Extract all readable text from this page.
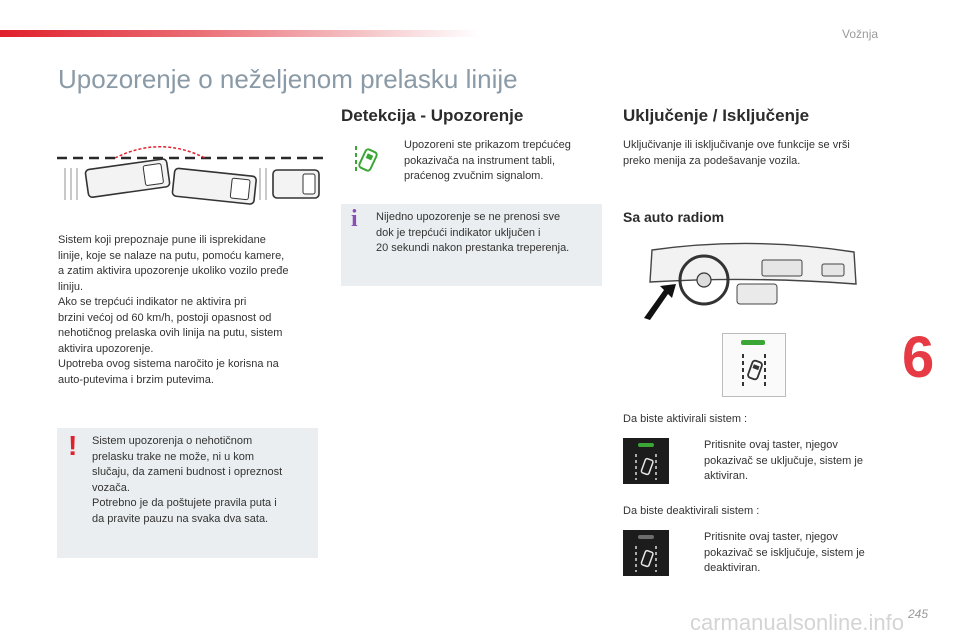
Vožnja
Upozorenje o neželjenom prelasku linije
Sistem koji prepoznaje pune ili isprekidane
linije, koje se nalaze na putu, pomoću kamere,
a zatim aktivira upozorenje ukoliko vozilo pređe
liniju.
Ako se trepćući indikator ne aktivira pri
brzini većoj od 60 km/h, postoji opasnost od
nehotičnog prelaska ovih linija na putu, sistem
aktivira upozorenje.
Upotreba ovog sistema naročito je korisna na
auto-putevima i brzim putevima.
! Sistem upozorenja o nehotičnom
prelasku trake ne može, ni u kom
slučaju, da zameni budnost i opreznost
vozača.
Potrebno je da poštujete pravila puta i
da pravite pauzu na svaka dva sata.
Detekcija - Upozorenje
Upozoreni ste prikazom trepćućeg
pokazivača na instrument tabli,
praćenog zvučnim signalom.
i Nijedno upozorenje se ne prenosi sve
dok je trepćući indikator uključen i
20 sekundi nakon prestanka treperenja.
Uključenje / Isključenje
Uključivanje ili isključivanje ove funkcije se vrši
preko menija za podešavanje vozila.
Sa auto radiom
Da biste aktivirali sistem :
Pritisnite ovaj taster, njegov
pokazivač se uključuje, sistem je
aktiviran.
Da biste deaktivirali sistem :
Pritisnite ovaj taster, njegov
pokazivač se isključuje, sistem je
deaktiviran.
6
carmanualsonline.info 245
